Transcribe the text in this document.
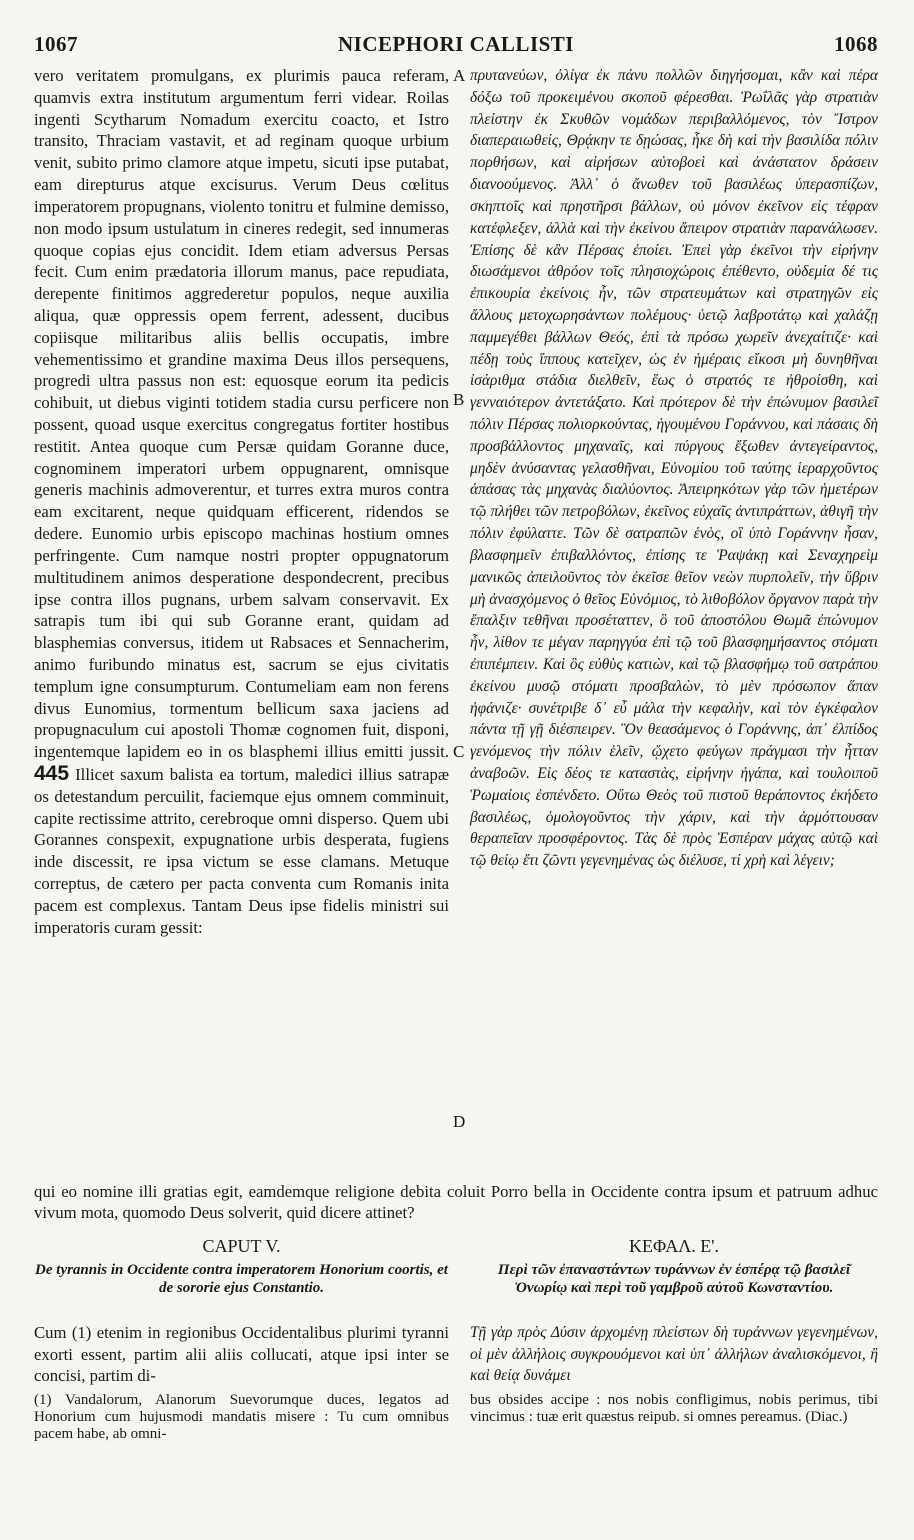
1067	NICEPHORI CALLISTI	1068

vero veritatem promulgans, ex plurimis pauca referam, quamvis extra institutum argumentum ferri videar. Roilas ingenti Scytharum Nomadum exercitu coacto, et Istro transito, Thraciam vastavit, et ad reginam quoque urbium venit, subito primo clamore atque impetu, sicuti ipse putabat, eam direpturus atque excisurus. Verum Deus cœlitus imperatorem propugnans, violento tonitru et fulmine demisso, non modo ipsum ustulatum in cineres redegit, sed innumeras quoque copias ejus concidit. Idem etiam adversus Persas fecit. Cum enim prædatoria illorum manus, pace repudiata, derepente finitimos aggrederetur populos, neque auxilia aliqua, quæ oppressis opem ferrent, adessent, ducibus copiisque militaribus aliis bellis occupatis, imbre vehementissimo et grandine maxima Deus illos persequens, progredi ultra passus non est: equosque eorum ita pedicis cohibuit, ut diebus viginti totidem stadia cursu perficere non possent, quoad usque exercitus congregatus fortiter hostibus restitit. Antea quoque cum Persæ quidam Goranne duce, cognominem imperatori urbem oppugnarent, omnisque generis machinis admoverentur, et turres extra muros contra eam excitarent, neque quidquam efficerent, ridendos se dedere. Eunomio urbis episcopo machinas hostium omnes perfringente. Cum namque nostri propter oppugnatorum multitudinem animos desperatione despondecrent, precibus ipse contra illos pugnans, urbem salvam conservavit. Ex satrapis tum ibi qui sub Goranne erant, quidam ad blasphemias conversus, itidem ut Rabsaces et Sennacherim, animo furibundo minatus est, sacrum se ejus civitatis templum igne consumpturum. Contumeliam eam non ferens divus Eunomius, tormentum bellicum saxa jaciens ad propugnaculum cui apostoli Thomæ cognomen fuit, disponi, ingentemque lapidem eo in os blasphemi illius emitti jussit. 445 Illicet saxum balista ea tortum, maledici illius satrapæ os detestandum percuilit, faciemque ejus omnem comminuit, capite rectissime attrito, cerebroque omni disperso. Quem ubi Gorannes conspexit, expugnatione urbis desperata, fugiens inde discessit, re ipsa victum se esse clamans. Metuque correptus, de cætero per pacta conventa cum Romanis inita pacem est complexus. Tantam Deus ipse fidelis ministri sui imperatoris curam gessit:

A
B
C
D

πρυτανεύων, ὀλίγα ἐκ πάνυ πολλῶν διηγήσομαι, κἂν καὶ πέρα δόξω τοῦ προκειμένου σκοποῦ φέρεσθαι. Ῥωΐλᾶς γὰρ στρατιὰν πλείστην ἐκ Σκυθῶν νομάδων περιβαλλόμενος, τὸν Ἴστρον διαπεραιωθείς, Θρᾴκην τε δῃώσας, ἧκε δὴ καὶ τὴν βασιλίδα πόλιν πορθήσων, καὶ αἱρήσων αὐτοβοεὶ καὶ ἀνάστατον δράσειν διανοούμενος. Ἀλλ᾽ ὁ ἄνωθεν τοῦ βασιλέως ὑπερασπίζων, σκηπτοῖς καὶ πρηστῆρσι βάλλων, οὐ μόνον ἐκεῖνον εἰς τέφραν κατέφλεξεν, ἀλλὰ καὶ τὴν ἐκείνου ἄπειρον στρατιὰν παρανάλωσεν. Ἐπίσης δὲ κἂν Πέρσας ἐποίει. Ἐπεὶ γὰρ ἐκεῖνοι τὴν εἰρήνην διωσάμενοι ἀθρόον τοῖς πλησιοχώροις ἐπέθεντο, οὐδεμία δέ τις ἐπικουρία ἐκείνοις ἦν, τῶν στρατευμάτων καὶ στρατηγῶν εἰς ἄλλους μετοχωρησάντων πολέμους· ὑετῷ λαβροτάτῳ καὶ χαλάζῃ παμμεγέθει βάλλων Θεός, ἐπὶ τὰ πρόσω χωρεῖν ἀνεχαίτιζε· καὶ πέδῃ τοὺς ἵππους κατεῖχεν, ὡς ἐν ἡμέραις εἴκοσι μὴ δυνηθῆναι ἰσάριθμα στάδια διελθεῖν, ἕως ὁ στρατός τε ἠθροίσθη, καὶ γενναιότερον ἀντετάξατο. Καὶ πρότερον δὲ τὴν ἐπώνυμον βασιλεῖ πόλιν Πέρσας πολιορκούντας, ἡγουμένου Γοράννου, καὶ πάσαις δὴ προσβάλλοντος μηχαναῖς, καὶ πύργους ἔξωθεν ἀντεγείραντος, μηδὲν ἀνύσαντας γελασθῆναι, Εὐνομίου τοῦ ταύτης ἱεραρχοῦντος ἁπάσας τὰς μηχανὰς διαλύοντος. Ἀπειρηκότων γὰρ τῶν ἡμετέρων τῷ πλήθει τῶν πετροβόλων, ἐκεῖνος εὐχαῖς ἀντιπράττων, ἀθιγῆ τὴν πόλιν ἐφύλαττε. Τῶν δὲ σατραπῶν ἑνὸς, οἳ ὑπὸ Γοράννην ἦσαν, βλασφημεῖν ἐπιβαλλόντος, ἐπίσης τε Ῥαψάκῃ καὶ Σεναχηρεὶμ μανικῶς ἀπειλοῦντος τὸν ἐκεῖσε θεῖον νεὼν πυρπολεῖν, τὴν ὕβριν μὴ ἀνασχόμενος ὁ θεῖος Εὐνόμιος, τὸ λιθοβόλον ὄργανον παρὰ τὴν ἔπαλξιν τεθῆναι προσέταττεν, ὃ τοῦ ἀποστόλου Θωμᾶ ἐπώνυμον ἦν, λίθον τε μέγαν παρηγγύα ἐπὶ τῷ τοῦ βλασφημήσαντος στόματι ἐπιπέμπειν. Καὶ ὃς εὐθὺς κατιὼν, καὶ τῷ βλασφήμῳ τοῦ σατράπου ἐκείνου μυσῷ στόματι προσβαλὼν, τὸ μὲν πρόσωπον ἅπαν ἠφάνιζε· συνέτριβε δ᾽ εὖ μάλα τὴν κεφαλὴν, καὶ τὸν ἐγκέφαλον πάντα τῇ γῇ διέσπειρεν. Ὃν θεασάμενος ὁ Γοράννης, ἀπ᾽ ἐλπίδος γενόμενος τὴν πόλιν ἑλεῖν, ᾤχετο φεύγων πράγμασι τὴν ἧτταν ἀναβοῶν. Εἰς δέος τε καταστὰς, εἰρήνην ἠγάπα, καὶ τουλοιποῦ Ῥωμαίοις ἐσπένδετο. Οὕτω Θεὸς τοῦ πιστοῦ θεράποντος ἐκήδετο βασιλέως, ὁμολογοῦντος τὴν χάριν, καὶ τὴν ἁρμόττουσαν θεραπεῖαν προσφέροντος. Τὰς δὲ πρὸς Ἑσπέραν μάχας αὐτῷ καὶ τῷ θείῳ ἔτι ζῶντι γεγενημένας ὡς διέλυσε, τί χρὴ καὶ λέγειν;

qui eo nomine illi gratias egit, eamdemque religione debita coluit Porro bella in Occidente contra ipsum et patruum adhuc vivum mota, quomodo Deus solverit, quid dicere attinet?
CAPUT V.
De tyrannis in Occidente contra imperatorem Honorium coortis, et de sororie ejus Constantio.
ΚΕΦΑΛ. Ε'.
Περὶ τῶν ἐπαναστάντων τυράννων ἐν ἑσπέρᾳ τῷ βασιλεῖ Ὀνωρίῳ καὶ περὶ τοῦ γαμβροῦ αὐτοῦ Κωνσταντίου.
Cum (1) etenim in regionibus Occidentalibus plurimi tyranni exorti essent, partim alii aliis collucati, atque ipsi inter se concisi, partim di-
Τῇ γὰρ πρὸς Δύσιν ἀρχομένῃ πλείστων δὴ τυράννων γεγενημένων, οἱ μὲν ἀλλήλοις συγκρουόμενοι καὶ ὑπ᾽ ἀλλήλων ἀναλισκόμενοι, ἢ καὶ θείᾳ δυνάμει
(1) Vandalorum, Alanorum Suevorumque duces, legatos ad Honorium cum hujusmodi mandatis misere : Tu cum omnibus pacem habe, ab omni-
bus obsides accipe : nos nobis confligimus, nobis perimus, tibi vincimus : tuæ erit quæstus reipub. si omnes pereamus. (Diac.)
